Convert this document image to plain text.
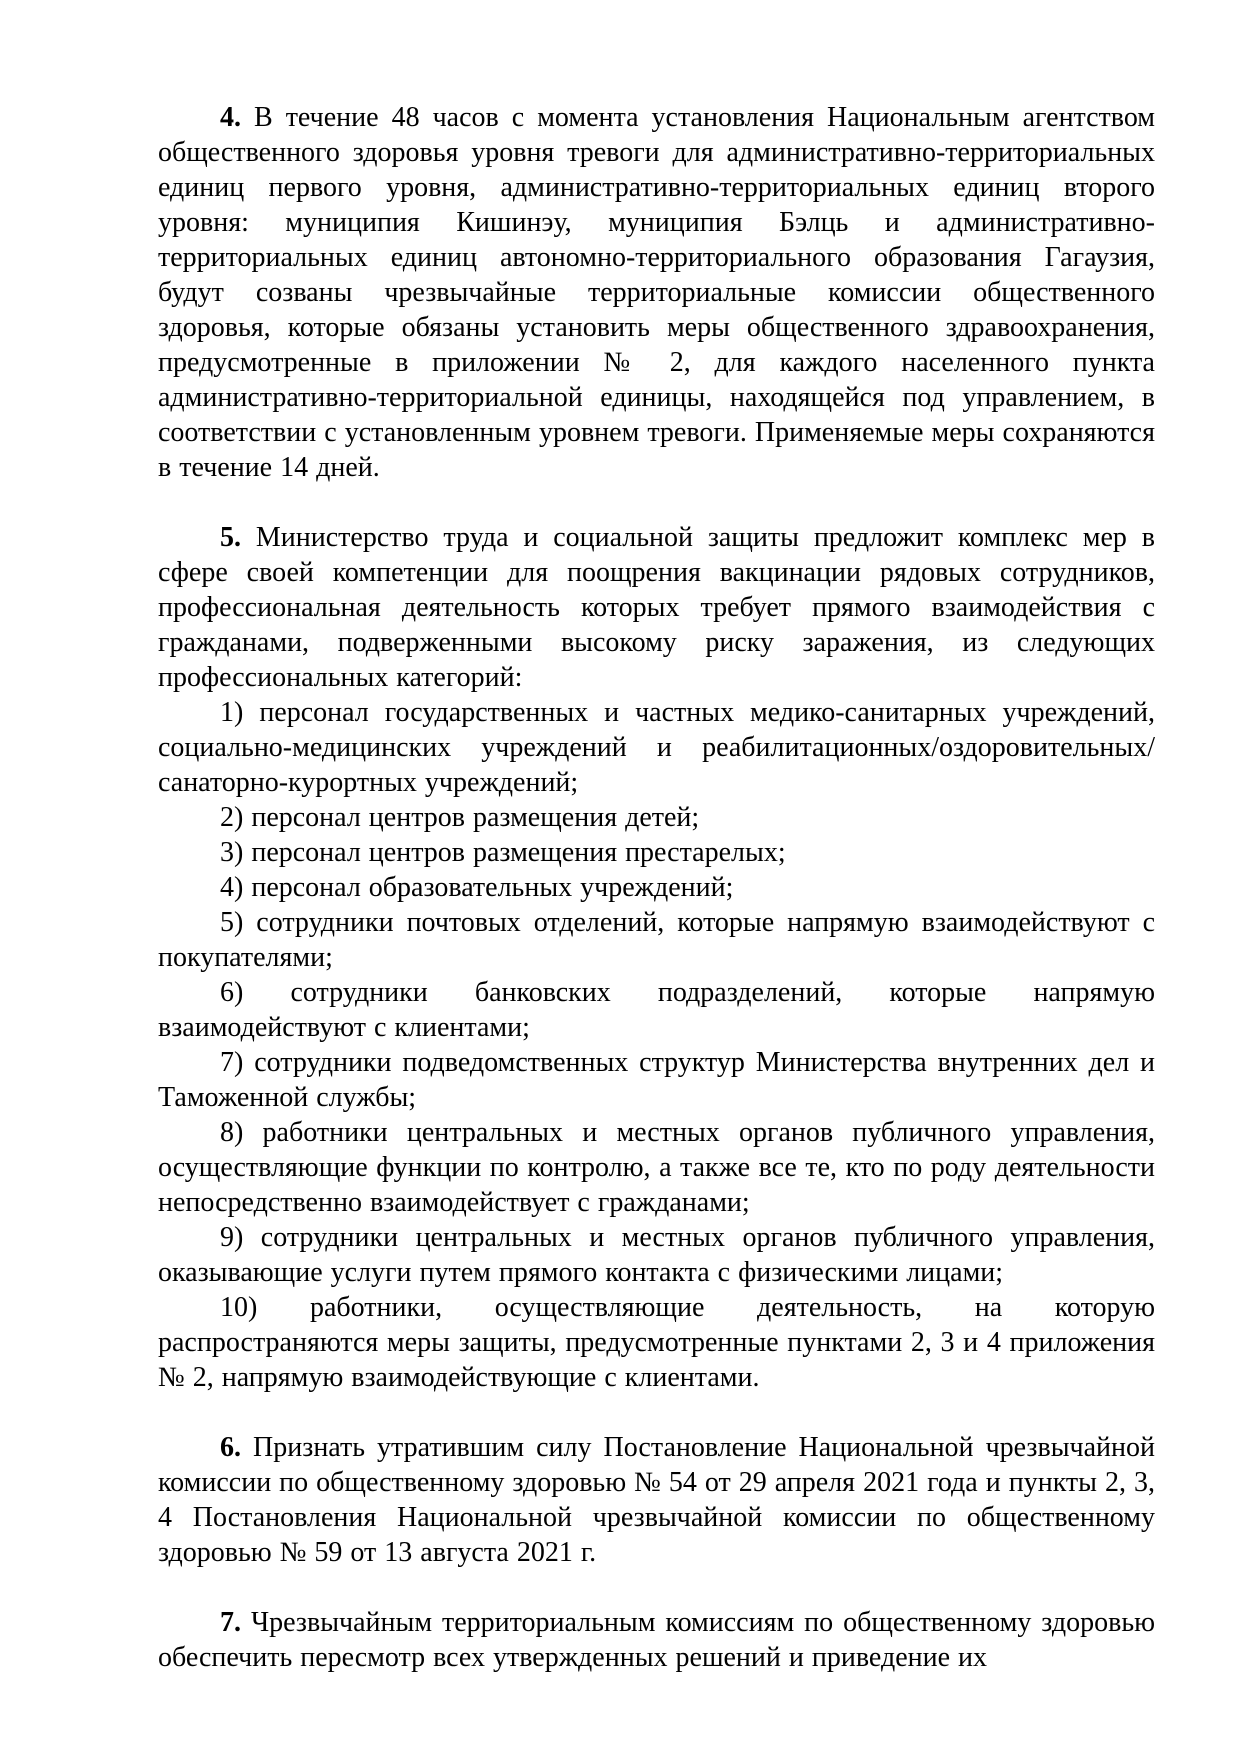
4. В течение 48 часов с момента установления Национальным агентством общественного здоровья уровня тревоги для административно-территориальных единиц первого уровня, административно-территориальных единиц второго уровня: муниципия Кишинэу, муниципия Бэлць и административно-территориальных единиц автономно-территориального образования Гагаузия, будут созваны чрезвычайные территориальные комиссии общественного здоровья, которые обязаны установить меры общественного здравоохранения, предусмотренные в приложении № 2, для каждого населенного пункта административно-территориальной единицы, находящейся под управлением, в соответствии с установленным уровнем тревоги. Применяемые меры сохраняются в течение 14 дней.

5. Министерство труда и социальной защиты предложит комплекс мер в сфере своей компетенции для поощрения вакцинации рядовых сотрудников, профессиональная деятельность которых требует прямого взаимодействия с гражданами, подверженными высокому риску заражения, из следующих профессиональных категорий:

1) персонал государственных и частных медико-санитарных учреждений, социально-медицинских учреждений и реабилитационных/оздоровительных/санаторно-курортных учреждений;

2) персонал центров размещения детей;

3) персонал центров размещения престарелых;

4) персонал образовательных учреждений;

5) сотрудники почтовых отделений, которые напрямую взаимодействуют с покупателями;

6) сотрудники банковских подразделений, которые напрямую взаимодействуют с клиентами;

7) сотрудники подведомственных структур Министерства внутренних дел и Таможенной службы;

8) работники центральных и местных органов публичного управления, осуществляющие функции по контролю, а также все те, кто по роду деятельности непосредственно взаимодействует с гражданами;

9) сотрудники центральных и местных органов публичного управления, оказывающие услуги путем прямого контакта с физическими лицами;

10) работники, осуществляющие деятельность, на которую распространяются меры защиты, предусмотренные пунктами 2, 3 и 4 приложения № 2, напрямую взаимодействующие с клиентами.

6. Признать утратившим силу Постановление Национальной чрезвычайной комиссии по общественному здоровью № 54 от 29 апреля 2021 года и пункты 2, 3, 4 Постановления Национальной чрезвычайной комиссии по общественному здоровью № 59 от 13 августа 2021 г.

7. Чрезвычайным территориальным комиссиям по общественному здоровью обеспечить пересмотр всех утвержденных решений и приведение их
